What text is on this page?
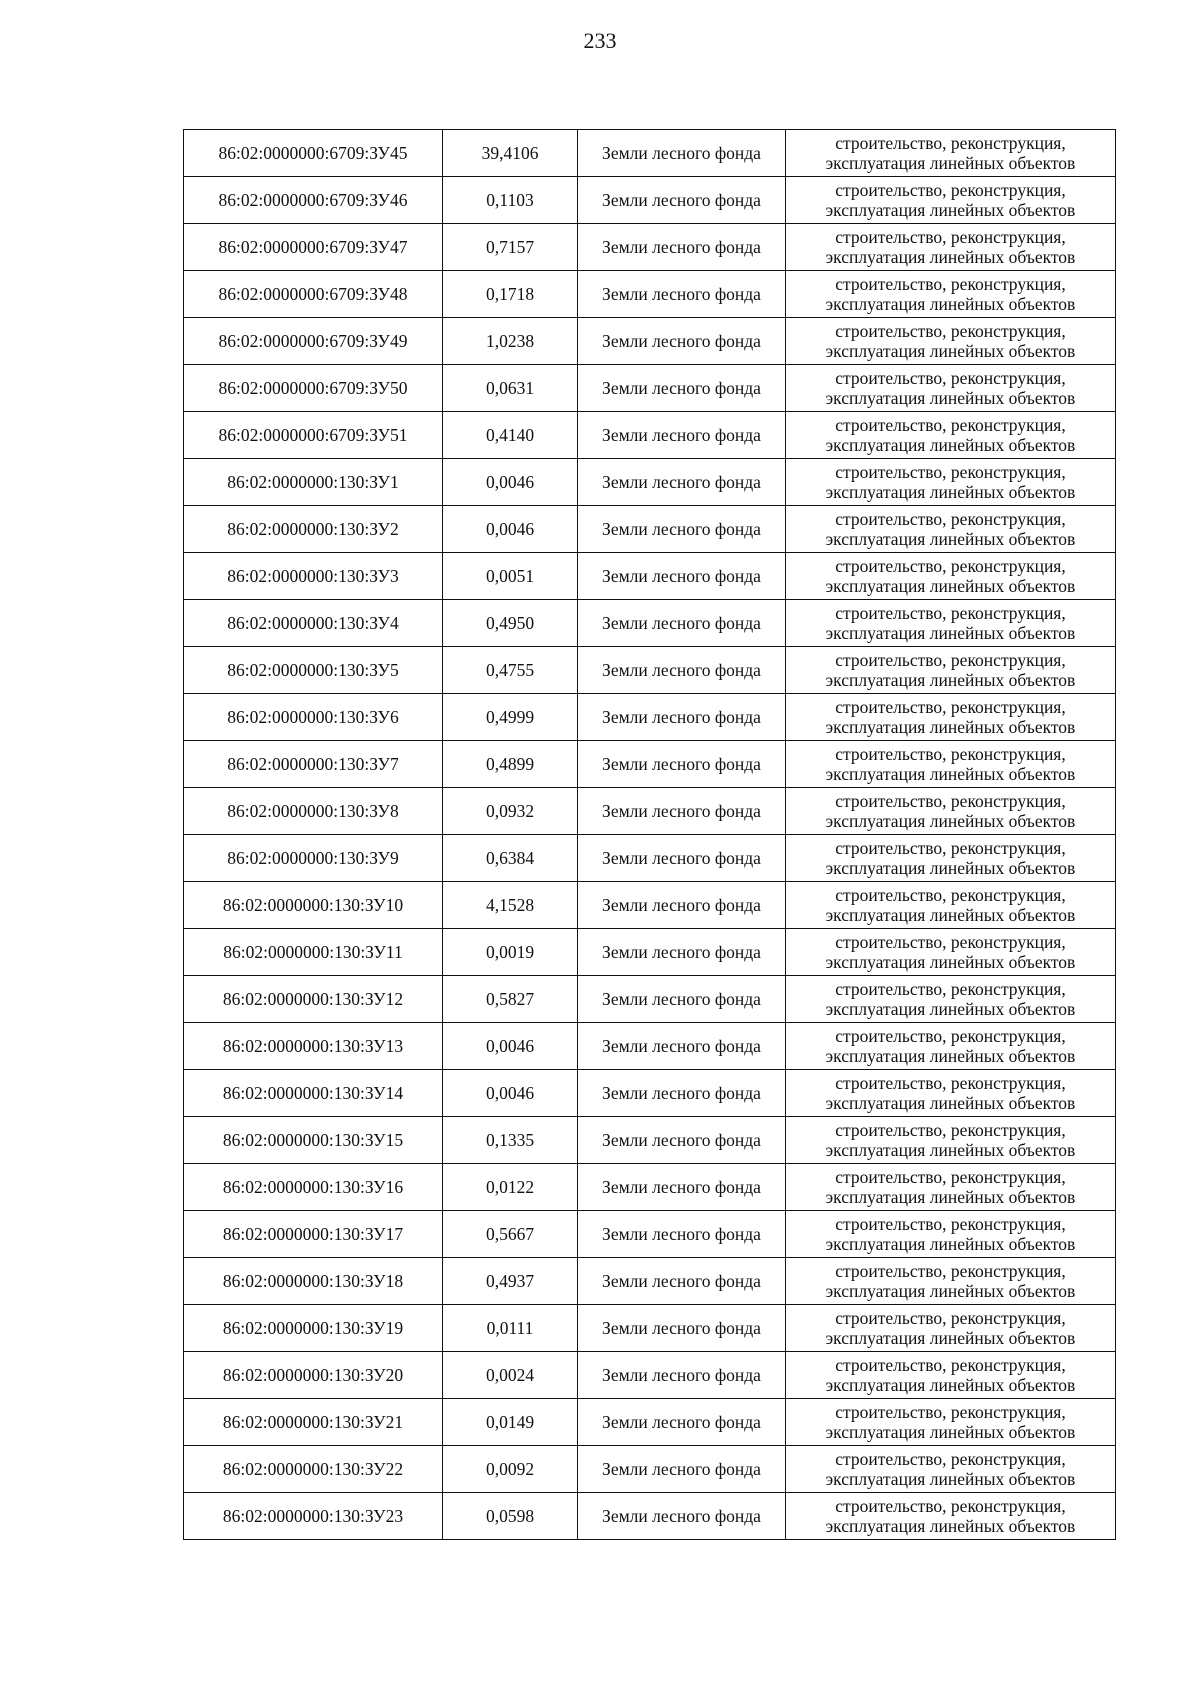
233
86:02:0000000:6709:ЗУ45	39,4106	Земли лесного фонда	строительство, реконструкция,
эксплуатация линейных объектов

86:02:0000000:6709:ЗУ46	0,1103	Земли лесного фонда	строительство, реконструкция,
эксплуатация линейных объектов

86:02:0000000:6709:ЗУ47	0,7157	Земли лесного фонда	строительство, реконструкция,
эксплуатация линейных объектов

86:02:0000000:6709:ЗУ48	0,1718	Земли лесного фонда	строительство, реконструкция,
эксплуатация линейных объектов

86:02:0000000:6709:ЗУ49	1,0238	Земли лесного фонда	строительство, реконструкция,
эксплуатация линейных объектов

86:02:0000000:6709:ЗУ50	0,0631	Земли лесного фонда	строительство, реконструкция,
эксплуатация линейных объектов

86:02:0000000:6709:ЗУ51	0,4140	Земли лесного фонда	строительство, реконструкция,
эксплуатация линейных объектов

86:02:0000000:130:ЗУ1	0,0046	Земли лесного фонда	строительство, реконструкция,
эксплуатация линейных объектов

86:02:0000000:130:ЗУ2	0,0046	Земли лесного фонда	строительство, реконструкция,
эксплуатация линейных объектов

86:02:0000000:130:ЗУ3	0,0051	Земли лесного фонда	строительство, реконструкция,
эксплуатация линейных объектов

86:02:0000000:130:ЗУ4	0,4950	Земли лесного фонда	строительство, реконструкция,
эксплуатация линейных объектов

86:02:0000000:130:ЗУ5	0,4755	Земли лесного фонда	строительство, реконструкция,
эксплуатация линейных объектов

86:02:0000000:130:ЗУ6	0,4999	Земли лесного фонда	строительство, реконструкция,
эксплуатация линейных объектов

86:02:0000000:130:ЗУ7	0,4899	Земли лесного фонда	строительство, реконструкция,
эксплуатация линейных объектов

86:02:0000000:130:ЗУ8	0,0932	Земли лесного фонда	строительство, реконструкция,
эксплуатация линейных объектов

86:02:0000000:130:ЗУ9	0,6384	Земли лесного фонда	строительство, реконструкция,
эксплуатация линейных объектов

86:02:0000000:130:ЗУ10	4,1528	Земли лесного фонда	строительство, реконструкция,
эксплуатация линейных объектов

86:02:0000000:130:ЗУ11	0,0019	Земли лесного фонда	строительство, реконструкция,
эксплуатация линейных объектов

86:02:0000000:130:ЗУ12	0,5827	Земли лесного фонда	строительство, реконструкция,
эксплуатация линейных объектов

86:02:0000000:130:ЗУ13	0,0046	Земли лесного фонда	строительство, реконструкция,
эксплуатация линейных объектов

86:02:0000000:130:ЗУ14	0,0046	Земли лесного фонда	строительство, реконструкция,
эксплуатация линейных объектов

86:02:0000000:130:ЗУ15	0,1335	Земли лесного фонда	строительство, реконструкция,
эксплуатация линейных объектов

86:02:0000000:130:ЗУ16	0,0122	Земли лесного фонда	строительство, реконструкция,
эксплуатация линейных объектов

86:02:0000000:130:ЗУ17	0,5667	Земли лесного фонда	строительство, реконструкция,
эксплуатация линейных объектов

86:02:0000000:130:ЗУ18	0,4937	Земли лесного фонда	строительство, реконструкция,
эксплуатация линейных объектов

86:02:0000000:130:ЗУ19	0,0111	Земли лесного фонда	строительство, реконструкция,
эксплуатация линейных объектов

86:02:0000000:130:ЗУ20	0,0024	Земли лесного фонда	строительство, реконструкция,
эксплуатация линейных объектов

86:02:0000000:130:ЗУ21	0,0149	Земли лесного фонда	строительство, реконструкция,
эксплуатация линейных объектов

86:02:0000000:130:ЗУ22	0,0092	Земли лесного фонда	строительство, реконструкция,
эксплуатация линейных объектов

86:02:0000000:130:ЗУ23	0,0598	Земли лесного фонда	строительство, реконструкция,
эксплуатация линейных объектов
